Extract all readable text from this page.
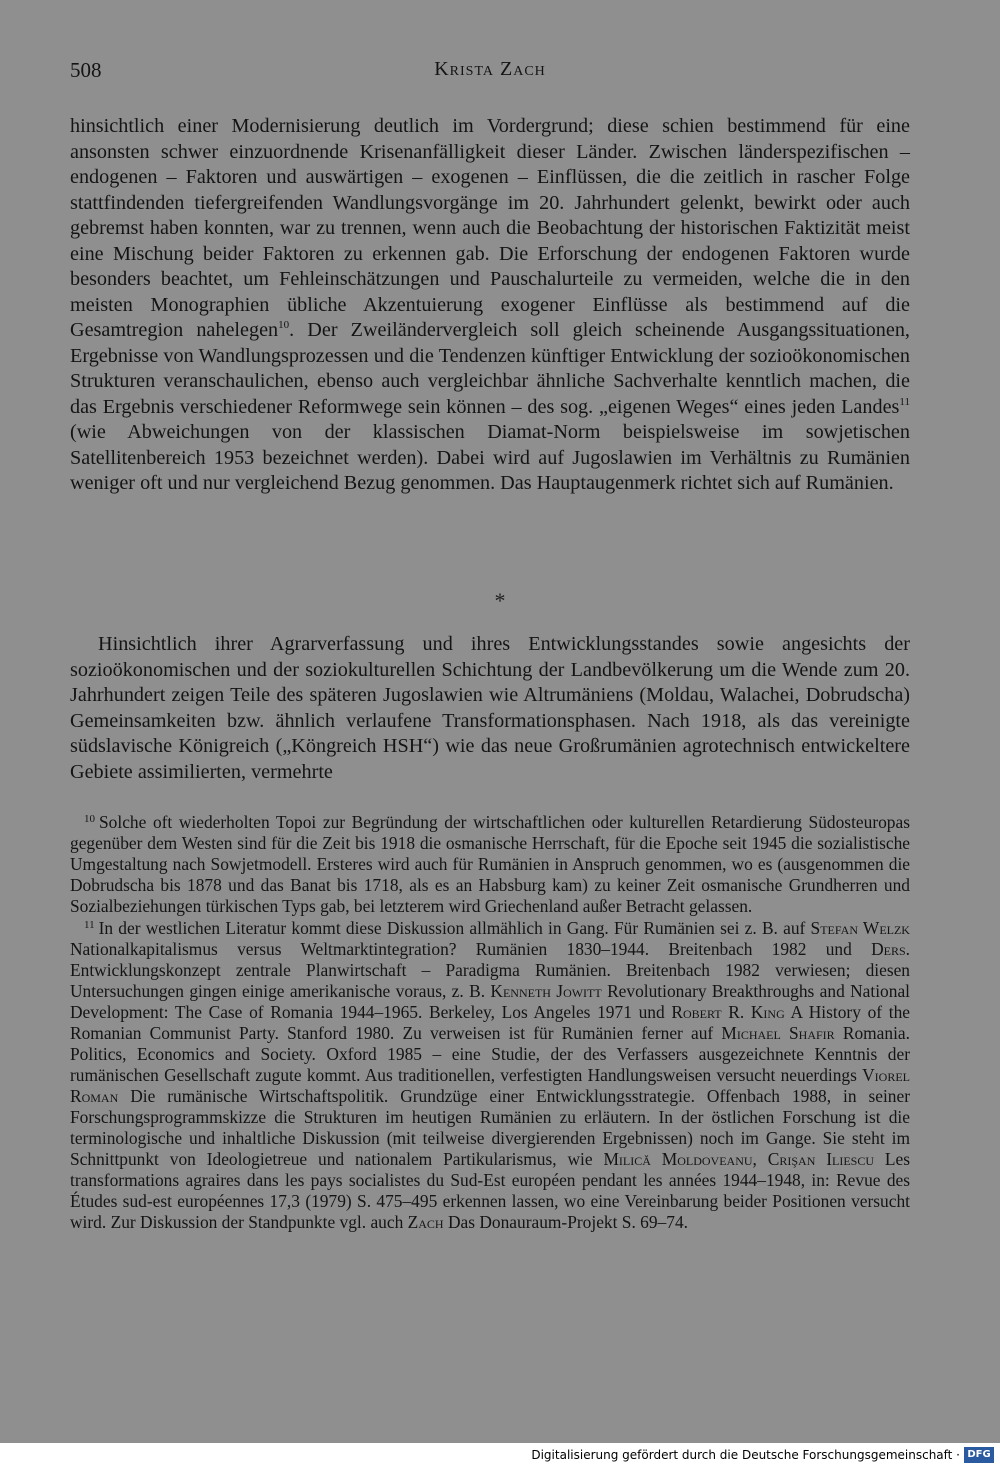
508	Krista Zach
hinsichtlich einer Modernisierung deutlich im Vordergrund; diese schien bestimmend für eine ansonsten schwer einzuordnende Krisenanfälligkeit dieser Länder. Zwischen länderspezifischen – endogenen – Faktoren und auswärtigen – exogenen – Einflüssen, die die zeitlich in rascher Folge stattfindenden tiefergreifenden Wandlungsvorgänge im 20. Jahrhundert gelenkt, bewirkt oder auch gebremst haben konnten, war zu trennen, wenn auch die Beobachtung der historischen Faktizität meist eine Mischung beider Faktoren zu erkennen gab. Die Erforschung der endogenen Faktoren wurde besonders beachtet, um Fehleinschätzungen und Pauschalurteile zu vermeiden, welche die in den meisten Monographien übliche Akzentuierung exogener Einflüsse als bestimmend auf die Gesamtregion nahelegen$^{10}$. Der Zweiländervergleich soll gleich scheinende Ausgangssituationen, Ergebnisse von Wandlungsprozessen und die Tendenzen künftiger Entwicklung der sozioökonomischen Strukturen veranschaulichen, ebenso auch vergleichbar ähnliche Sachverhalte kenntlich machen, die das Ergebnis verschiedener Reformwege sein können – des sog. „eigenen Weges“ eines jeden Landes$^{11}$ (wie Abweichungen von der klassischen Diamat-Norm beispielsweise im sowjetischen Satellitenbereich 1953 bezeichnet werden). Dabei wird auf Jugoslawien im Verhältnis zu Rumänien weniger oft und nur vergleichend Bezug genommen. Das Hauptaugenmerk richtet sich auf Rumänien.
*
Hinsichtlich ihrer Agrarverfassung und ihres Entwicklungsstandes sowie angesichts der sozioökonomischen und der soziokulturellen Schichtung der Landbevölkerung um die Wende zum 20. Jahrhundert zeigen Teile des späteren Jugoslawien wie Altrumäniens (Moldau, Walachei, Dobrudscha) Gemeinsamkeiten bzw. ähnlich verlaufene Transformationsphasen. Nach 1918, als das vereinigte südslavische Königreich („Köngreich HSH“) wie das neue Großrumänien agrotechnisch entwickeltere Gebiete assimilierten, vermehrte

$^{10}$ Solche oft wiederholten Topoi zur Begründung der wirtschaftlichen oder kulturellen Retardierung Südosteuropas gegenüber dem Westen sind für die Zeit bis 1918 die osmanische Herrschaft, für die Epoche seit 1945 die sozialistische Umgestaltung nach Sowjetmodell. Ersteres wird auch für Rumänien in Anspruch genommen, wo es (ausgenommen die Dobrudscha bis 1878 und das Banat bis 1718, als es an Habsburg kam) zu keiner Zeit osmanische Grundherren und Sozialbeziehungen türkischen Typs gab, bei letzterem wird Griechenland außer Betracht gelassen.

$^{11}$ In der westlichen Literatur kommt diese Diskussion allmählich in Gang. Für Rumänien sei z. B. auf Stefan Welzk Nationalkapitalismus versus Weltmarktintegration? Rumänien 1830–1944. Breitenbach 1982 und Ders. Entwicklungskonzept zentrale Planwirtschaft – Paradigma Rumänien. Breitenbach 1982 verwiesen; diesen Untersuchungen gingen einige amerikanische voraus, z. B. Kenneth Jowitt Revolutionary Breakthroughs and National Development: The Case of Romania 1944–1965. Berkeley, Los Angeles 1971 und Robert R. King A History of the Romanian Communist Party. Stanford 1980. Zu verweisen ist für Rumänien ferner auf Michael Shafir Romania. Politics, Economics and Society. Oxford 1985 – eine Studie, der des Verfassers ausgezeichnete Kenntnis der rumänischen Gesellschaft zugute kommt. Aus traditionellen, verfestigten Handlungsweisen versucht neuerdings Viorel Roman Die rumänische Wirtschaftspolitik. Grundzüge einer Entwicklungsstrategie. Offenbach 1988, in seiner Forschungsprogrammskizze die Strukturen im heutigen Rumänien zu erläutern. In der östlichen Forschung ist die terminologische und inhaltliche Diskussion (mit teilweise divergierenden Ergebnissen) noch im Gange. Sie steht im Schnittpunkt von Ideologietreue und nationalem Partikularismus, wie Milică Moldoveanu, Crişan Iliescu Les transformations agraires dans les pays socialistes du Sud-Est européen pendant les années 1944–1948, in: Revue des Études sud-est européennes 17,3 (1979) S. 475–495 erkennen lassen, wo eine Vereinbarung beider Positionen versucht wird. Zur Diskussion der Standpunkte vgl. auch Zach Das Donauraum-Projekt S. 69–74.

Digitalisierung gefördert durch die Deutsche Forschungsgemeinschaft · DFG
